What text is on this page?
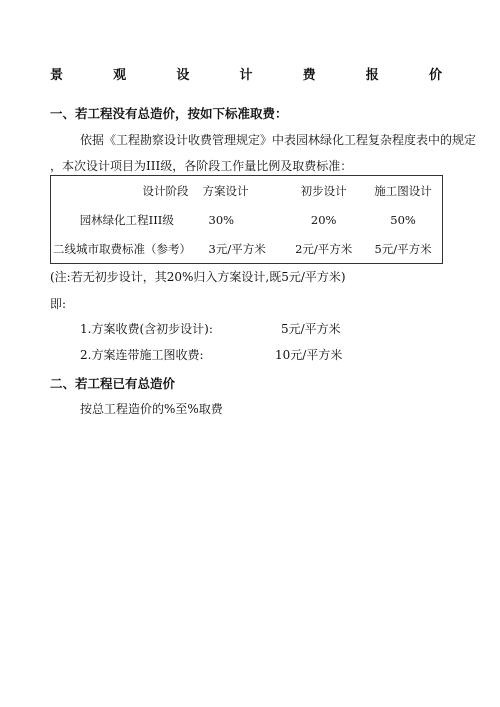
景	观	设	计	费	报	价
一、若工程没有总造价，按如下标准取费：
依据《工程勘察设计收费管理规定》中表园林绿化工程复杂程度表中的规定
，本次设计项目为III级，各阶段工作量比例及取费标准：
设计阶段	方案设计	初步设计	施工图设计
园林绿化工程III级	30%	20%	50%
二线城市取费标准（参考）	3元/平方米	2元/平方米	5元/平方米
(注:若无初步设计，其20%归入方案设计,既5元/平方米)
即:
1.方案收费(含初步设计):	5元/平方米
2.方案连带施工图收费:	10元/平方米
二、若工程已有总造价
按总工程造价的%至%取费
